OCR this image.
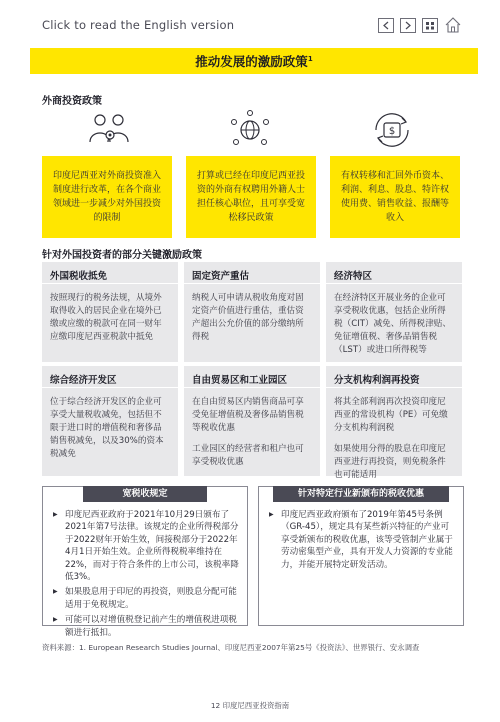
Click to read the English version
推动发展的激励政策$^1$
外商投资政策
$
印度尼西亚对外商投资准入制度进行改革，在各个商业领域进一步减少对外国投资的限制
打算或已经在印度尼西亚投资的外商有权聘用外籍人士担任核心职位，且可享受宽松移民政策
有权转移和汇回外币资本、利润、利息、股息、特许权使用费、销售收益、报酬等收入
针对外国投资者的部分关键激励政策
外国税收抵免

按照现行的税务法规，从境外取得收入的居民企业在境外已缴或应缴的税款可在同一财年应缴印度尼西亚税款中抵免

固定资产重估

纳税人可申请从税收角度对固定资产价值进行重估，重估资产超出公允价值的部分缴纳所得税

经济特区

在经济特区开展业务的企业可享受税收优惠，包括企业所得税（CIT）减免、所得税津贴、免征增值税、奢侈品销售税（LST）或进口所得税等

综合经济开发区

位于综合经济开发区的企业可享受大量税收减免，包括但不限于进口时的增值税和奢侈品销售税减免，以及30%的资本税减免

自由贸易区和工业园区

在自由贸易区内销售商品可享受免征增值税及奢侈品销售税等税收优惠

工业园区的经营者和租户也可享受税收优惠

分支机构利润再投资

将其全部利润再次投资印度尼西亚的常设机构（PE）可免缴分支机构利润税

如果使用分得的股息在印度尼西亚进行再投资，则免税条件也可能适用

宽税收规定
▶ 印度尼西亚政府于2021年10月29日颁布了2021年第7号法律。该规定的企业所得税部分于2022财年开始生效，间接税部分于2022年4月1日开始生效。企业所得税税率维持在22%，而对于符合条件的上市公司，该税率降低3%。
▶ 如果股息用于印尼的再投资，则股息分配可能适用于免税规定。
▶ 可能可以对增值税登记前产生的增值税进项税额进行抵扣。
针对特定行业新颁布的税收优惠
▶ 印度尼西亚政府颁布了2019年第45号条例（GR-45），规定具有某些新兴特征的产业可享受新颁布的税收优惠，该等受管制产业属于劳动密集型产业，具有开发人力资源的专业能力，并能开展特定研发活动。
资料来源：1. European Research Studies Journal、印度尼西亚2007年第25号《投资法》、世界银行、安永调查
12 印度尼西亚投资指南
